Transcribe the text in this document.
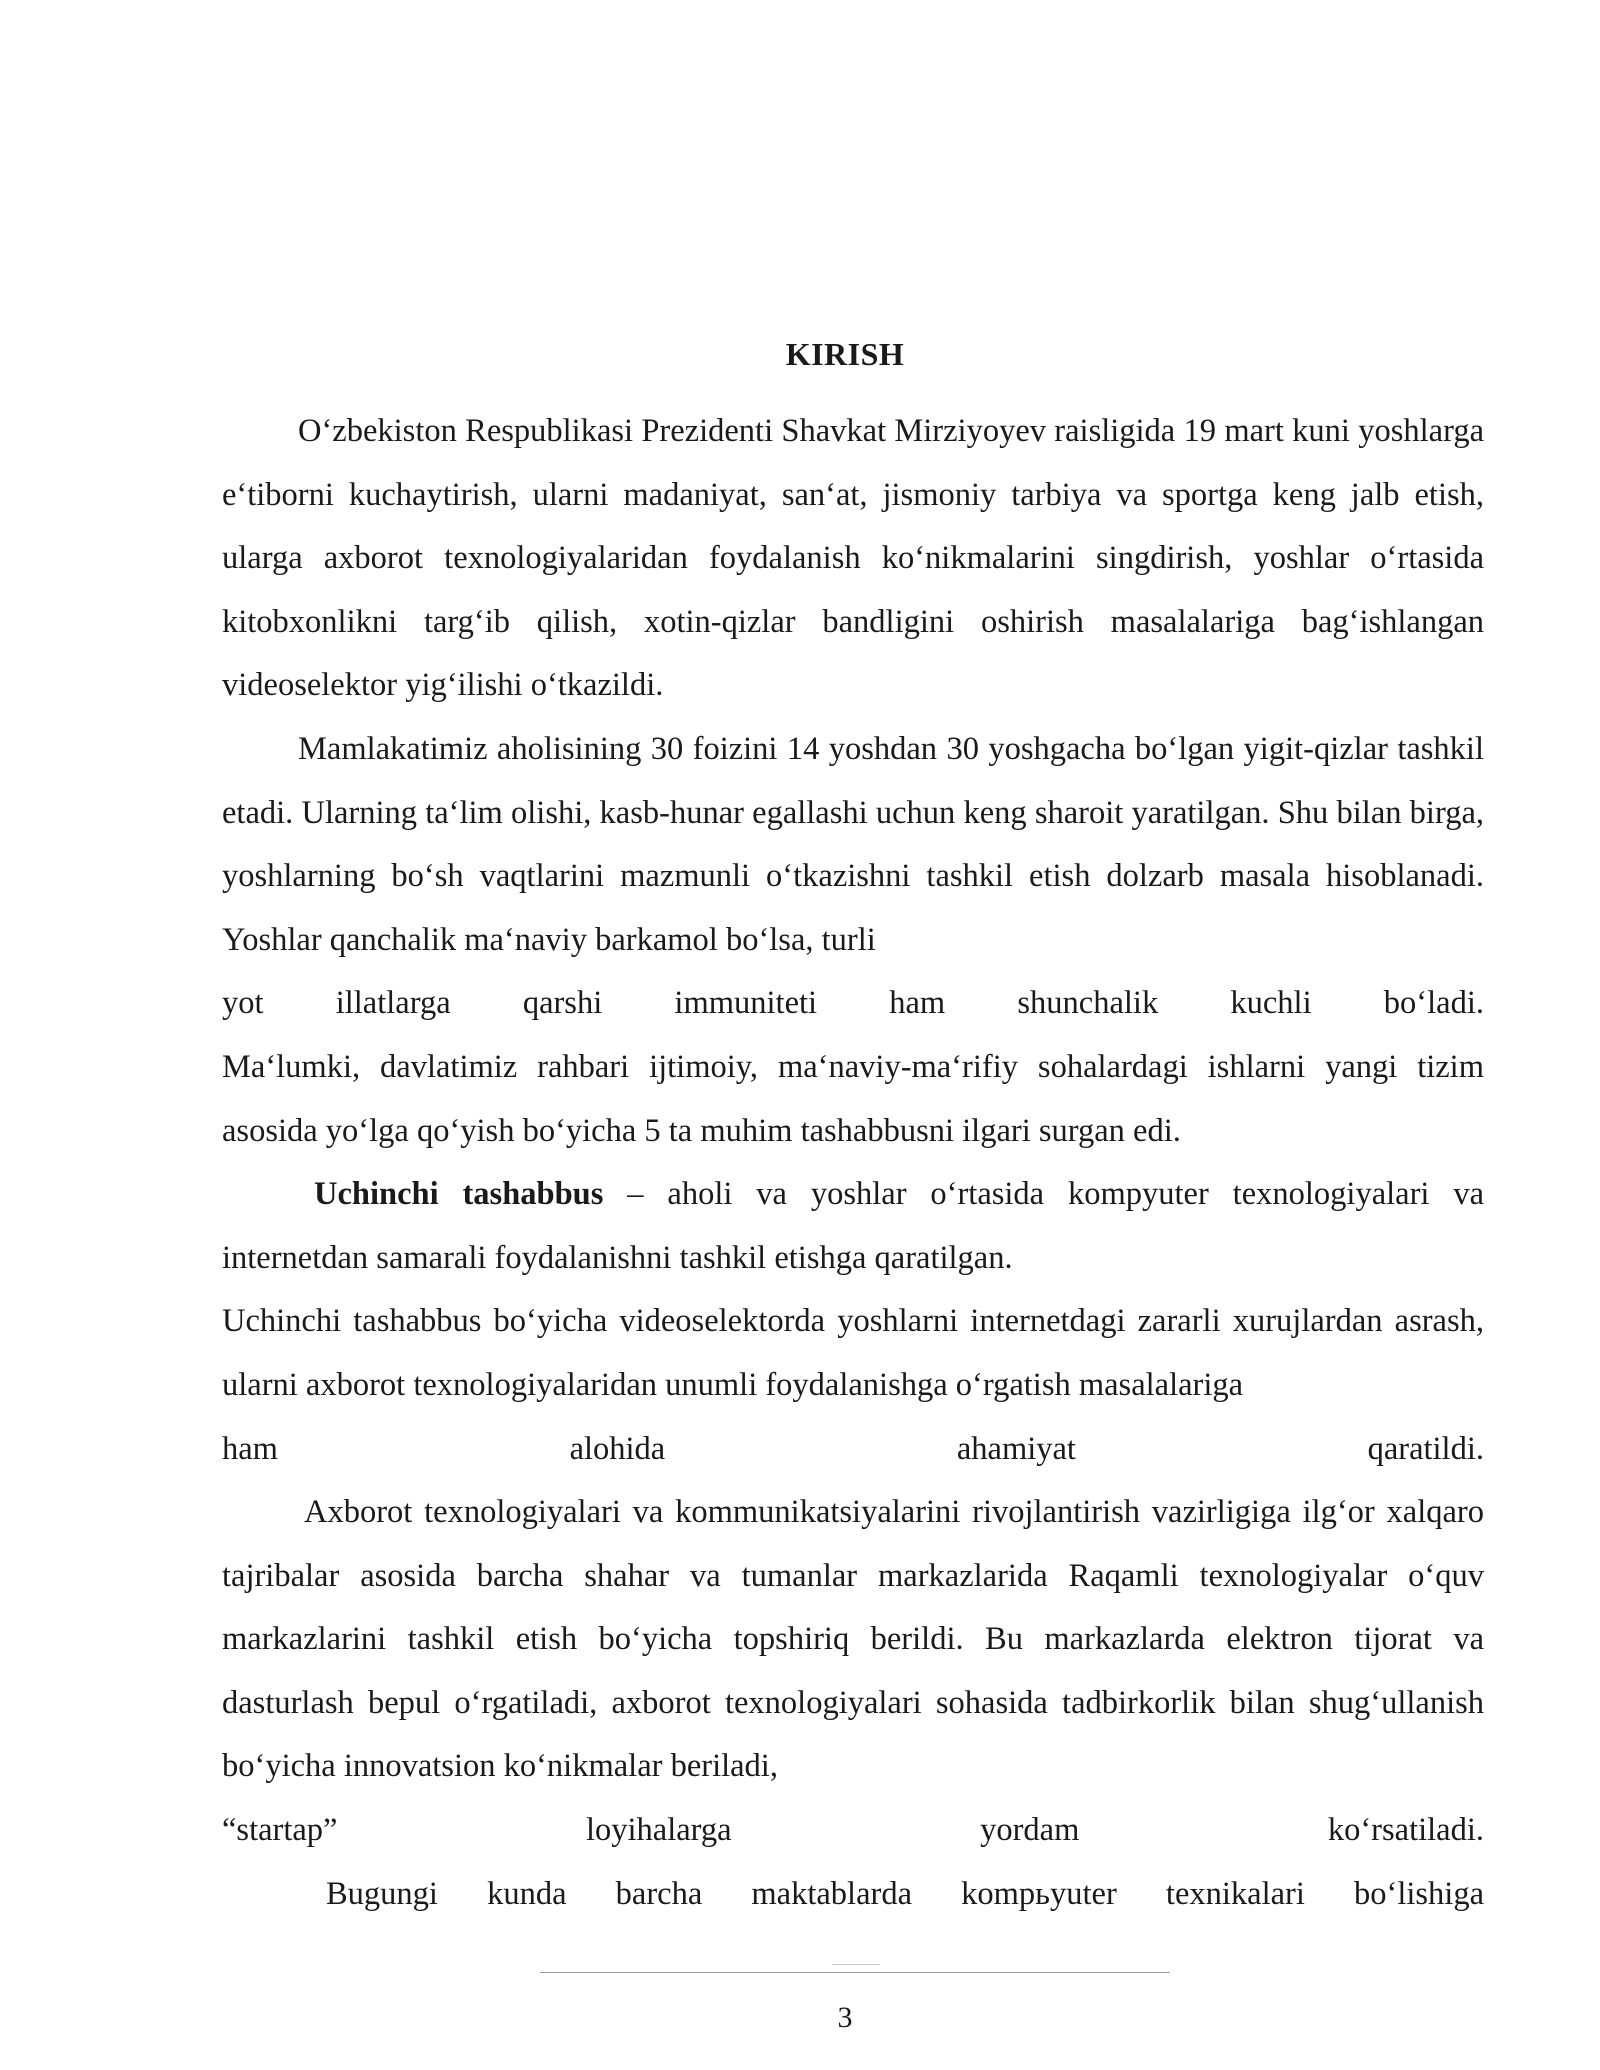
KIRISH

O‘zbekiston Respublikasi Prezidenti Shavkat Mirziyoyev raisligida 19 mart kuni yoshlarga e‘tiborni kuchaytirish, ularni madaniyat, san‘at, jismoniy tarbiya va sportga keng jalb etish, ularga axborot texnologiyalaridan foydalanish ko‘nikmalarini singdirish, yoshlar o‘rtasida kitobxonlikni targ‘ib qilish, xotin-qizlar bandligini oshirish masalalariga bag‘ishlangan videoselektor yig‘ilishi o‘tkazildi.

Mamlakatimiz aholisining 30 foizini 14 yoshdan 30 yoshgacha bo‘lgan yigit-qizlar tashkil etadi. Ularning ta‘lim olishi, kasb-hunar egallashi uchun keng sharoit yaratilgan. Shu bilan birga, yoshlarning bo‘sh vaqtlarini mazmunli o‘tkazishni tashkil etish dolzarb masala hisoblanadi. Yoshlar qanchalik ma‘naviy barkamol bo‘lsa, turli

yot illatlarga qarshi immuniteti ham shunchalik kuchli bo‘ladi.

Ma‘lumki, davlatimiz rahbari ijtimoiy, ma‘naviy-ma‘rifiy sohalardagi ishlarni yangi tizim asosida yo‘lga qo‘yish bo‘yicha 5 ta muhim tashabbusni ilgari surgan edi.

Uchinchi tashabbus – aholi va yoshlar o‘rtasida kompyuter texnologiyalari va internetdan samarali foydalanishni tashkil etishga qaratilgan.

Uchinchi tashabbus bo‘yicha videoselektorda yoshlarni internetdagi zararli xurujlardan asrash, ularni axborot texnologiyalaridan unumli foydalanishga o‘rgatish masalalariga

ham alohida ahamiyat qaratildi.

Axborot texnologiyalari va kommunikatsiyalarini rivojlantirish vazirligiga ilg‘or xalqaro tajribalar asosida barcha shahar va tumanlar markazlarida Raqamli texnologiyalar o‘quv markazlarini tashkil etish bo‘yicha topshiriq berildi. Bu markazlarda elektron tijorat va dasturlash bepul o‘rgatiladi, axborot texnologiyalari sohasida tadbirkorlik bilan shug‘ullanish bo‘yicha innovatsion ko‘nikmalar beriladi,

“startap” loyihalarga yordam ko‘rsatiladi.

Bugungi kunda barcha maktablarda kompьyuter texnikalari bo‘lishiga

3
